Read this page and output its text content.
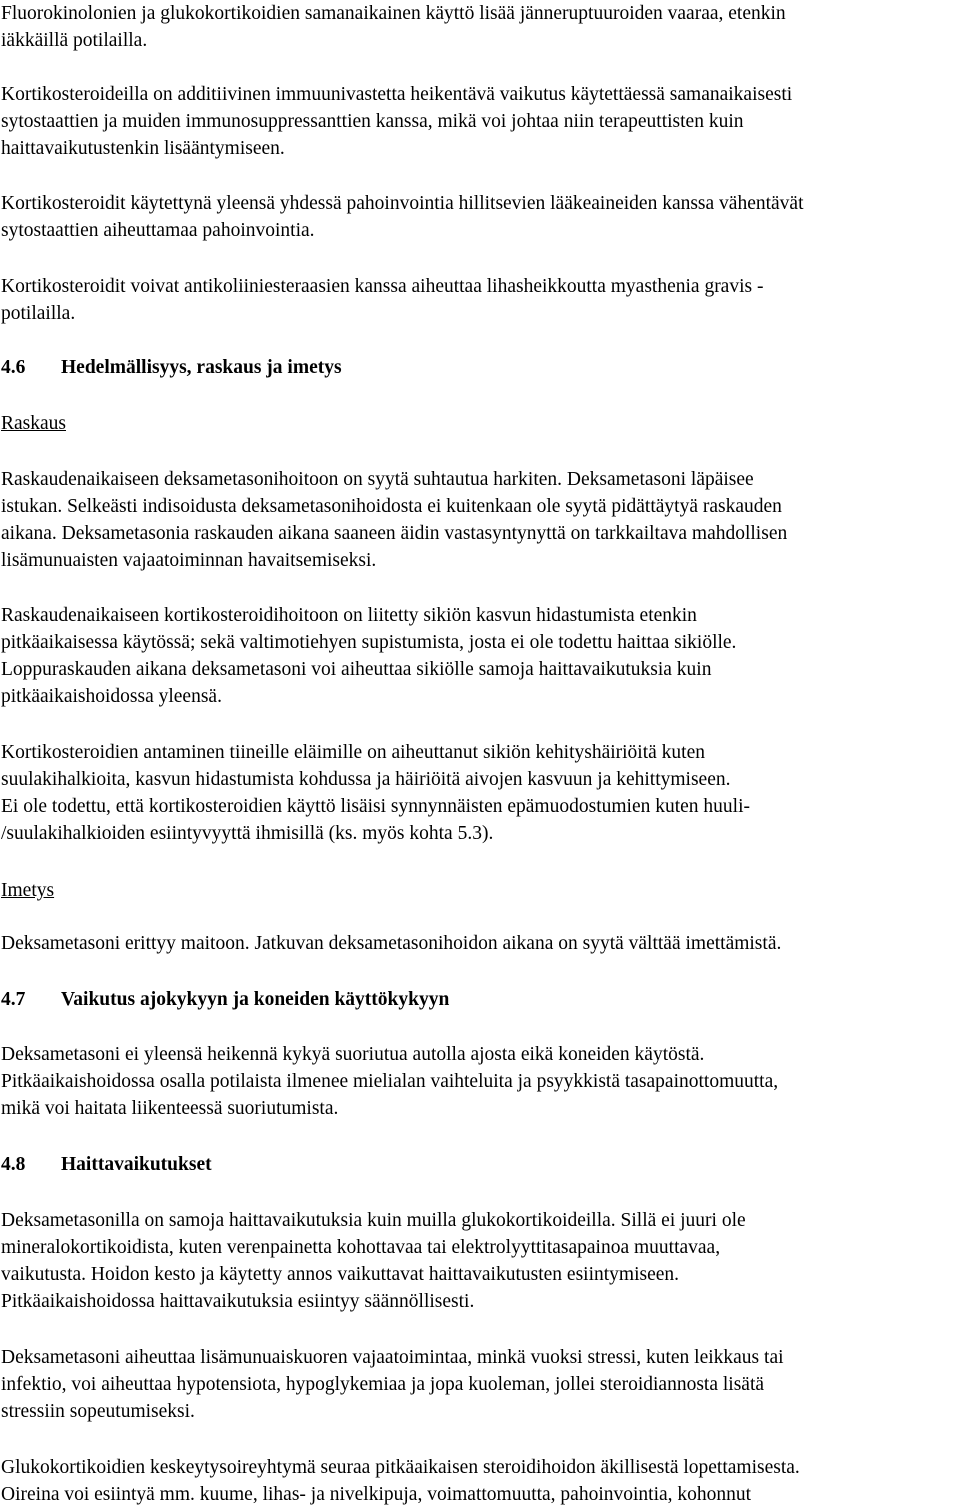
Fluorokinolonien ja glukokortikoidien samanaikainen käyttö lisää jänneruptuuroiden vaaraa, etenkin
iäkkäillä potilailla.

Kortikosteroideilla on additiivinen immuunivastetta heikentävä vaikutus käytettäessä samanaikaisesti
sytostaattien ja muiden immunosuppressanttien kanssa, mikä voi johtaa niin terapeuttisten kuin
haittavaikutustenkin lisääntymiseen.

Kortikosteroidit käytettynä yleensä yhdessä pahoinvointia hillitsevien lääkeaineiden kanssa vähentävät
sytostaattien aiheuttamaa pahoinvointia.

Kortikosteroidit voivat antikoliiniesteraasien kanssa aiheuttaa lihasheikkoutta myasthenia gravis -
potilailla.

4.6 Hedelmällisyys, raskaus ja imetys
Raskaus

Raskaudenaikaiseen deksametasonihoitoon on syytä suhtautua harkiten. Deksametasoni läpäisee
istukan. Selkeästi indisoidusta deksametasonihoidosta ei kuitenkaan ole syytä pidättäytyä raskauden
aikana. Deksametasonia raskauden aikana saaneen äidin vastasyntynyttä on tarkkailtava mahdollisen
lisämunuaisten vajaatoiminnan havaitsemiseksi.

Raskaudenaikaiseen kortikosteroidihoitoon on liitetty sikiön kasvun hidastumista etenkin
pitkäaikaisessa käytössä; sekä valtimotiehyen supistumista, josta ei ole todettu haittaa sikiölle.
Loppuraskauden aikana deksametasoni voi aiheuttaa sikiölle samoja haittavaikutuksia kuin
pitkäaikaishoidossa yleensä.

Kortikosteroidien antaminen tiineille eläimille on aiheuttanut sikiön kehityshäiriöitä kuten
suulakihalkioita, kasvun hidastumista kohdussa ja häiriöitä aivojen kasvuun ja kehittymiseen.
Ei ole todettu, että kortikosteroidien käyttö lisäisi synnynnäisten epämuodostumien kuten huuli-
/suulakihalkioiden esiintyvyyttä ihmisillä (ks. myös kohta 5.3).

Imetys

Deksametasoni erittyy maitoon. Jatkuvan deksametasonihoidon aikana on syytä välttää imettämistä.

4.7 Vaikutus ajokykyyn ja koneiden käyttökykyyn

Deksametasoni ei yleensä heikennä kykyä suoriutua autolla ajosta eikä koneiden käytöstä.
Pitkäaikaishoidossa osalla potilaista ilmenee mielialan vaihteluita ja psyykkistä tasapainottomuutta,
mikä voi haitata liikenteessä suoriutumista.

4.8 Haittavaikutukset

Deksametasonilla on samoja haittavaikutuksia kuin muilla glukokortikoideilla. Sillä ei juuri ole
mineralokortikoidista, kuten verenpainetta kohottavaa tai elektrolyyttitasapainoa muuttavaa,
vaikutusta. Hoidon kesto ja käytetty annos vaikuttavat haittavaikutusten esiintymiseen.
Pitkäaikaishoidossa haittavaikutuksia esiintyy säännöllisesti.

Deksametasoni aiheuttaa lisämunuaiskuoren vajaatoimintaa, minkä vuoksi stressi, kuten leikkaus tai
infektio, voi aiheuttaa hypotensiota, hypoglykemiaa ja jopa kuoleman, jollei steroidiannosta lisätä
stressiin sopeutumiseksi.

Glukokortikoidien keskeytysoireyhtymä seuraa pitkäaikaisen steroidihoidon äkillisestä lopettamisesta.
Oireina voi esiintyä mm. kuume, lihas- ja nivelkipuja, voimattomuutta, pahoinvointia, kohonnut
